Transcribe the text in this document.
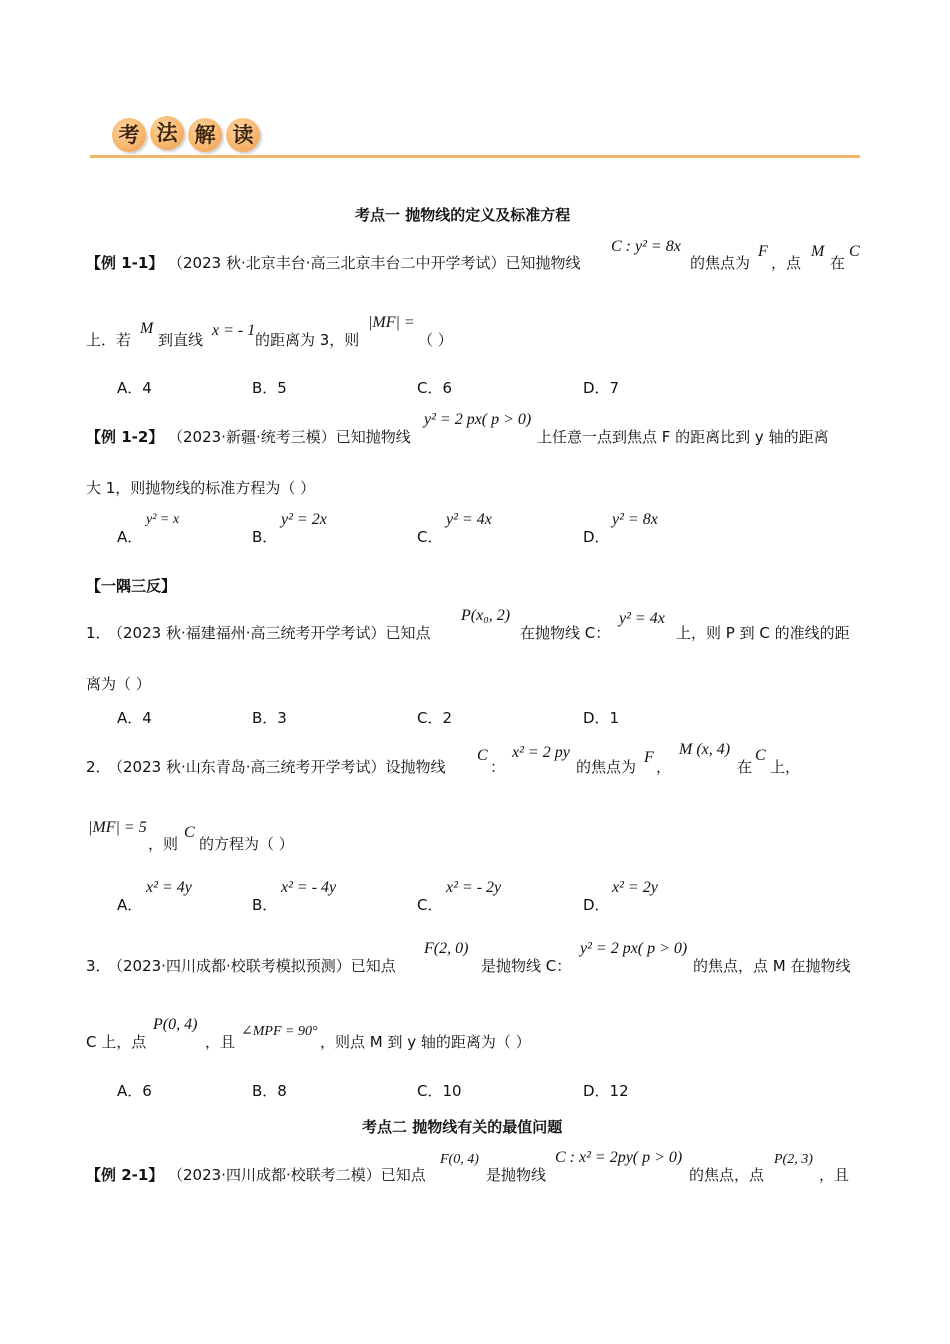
考 法 解 读
考点一 抛物线的定义及标准方程
【例 1-1】 （2023 秋·北京丰台·高三北京丰台二中开学考试）已知抛物线
C : y² = 8x
的焦点为
F
，点
M
在
C
上．若
M
到直线
x = - 1
的距离为 3，则
|MF| =
（ ）
A．4	B．5	C．6	D．7
【例 1-2】 （2023·新疆·统考三模）已知抛物线
y² = 2 px( p > 0)
上任意一点到焦点 F 的距离比到 y 轴的距离
大 1，则抛物线的标准方程为（ ）
A．
y² = x
B．
y² = 2x
C．
y² = 4x
D．
y² = 8x
【一隅三反】
1．
（2023 秋·福建福州·高三统考开学考试）已知点
P(x₀, 2)
在抛物线 C：
y² = 4x
上，则 P 到 C 的准线的距
离为（ ）
A．4	B．3	C．2	D．1
2．
（2023 秋·山东青岛·高三统考开学考试）设抛物线
C
：
x² = 2 py
的焦点为
F
，
M (x, 4)
在
C
上，
|MF| = 5
，则
C
的方程为（ ）
A．
x² = 4y
B．
x² = - 4y
C．
x² = - 2y
D．
x² = 2y
3．
（2023·四川成都·校联考模拟预测）已知点
F(2, 0)
是抛物线 C：
y² = 2 px( p > 0)
的焦点，点 M 在抛物线
C 上，点
P(0, 4)
，且
∠MPF = 90°
，则点 M 到 y 轴的距离为（ ）
A．6	B．8	C．10	D．12
考点二 抛物线有关的最值问题
【例 2-1】 （2023·四川成都·校联考二模）已知点
F(0, 4)
是抛物线
C : x² = 2py( p > 0)
的焦点，点
P(2, 3)
，且
